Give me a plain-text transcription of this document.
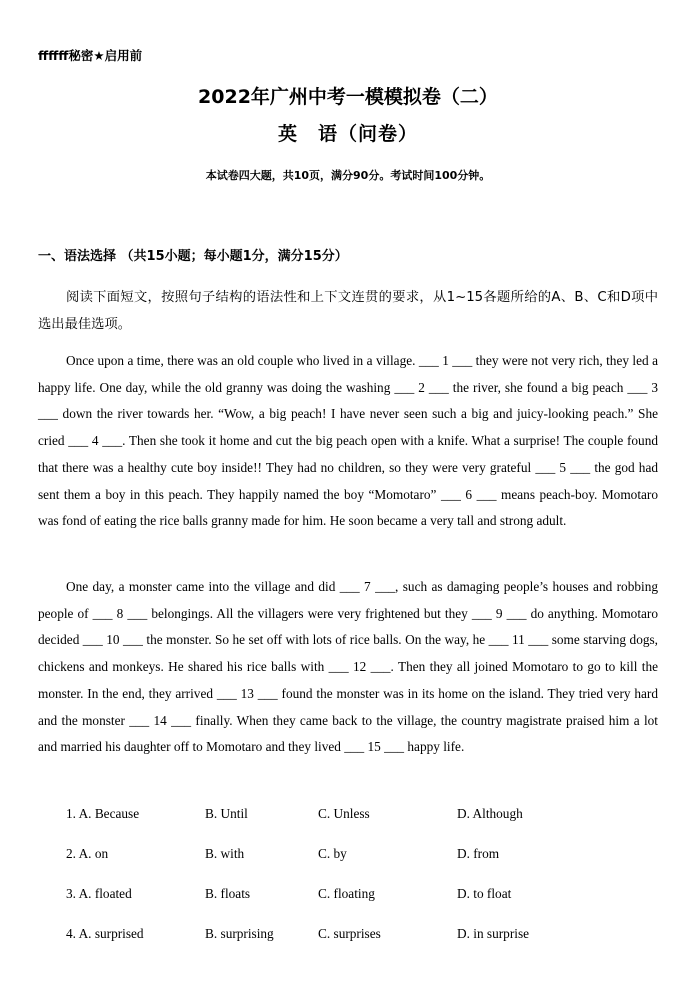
ffffff秘密★启用前
2022年广州中考一模模拟卷（二）
英　语（问卷）
本试卷四大题，共10页，满分90分。考试时间100分钟。
一、语法选择 （共15小题；每小题1分，满分15分）
阅读下面短文，按照句子结构的语法性和上下文连贯的要求，从1~15各题所给的A、B、C和D项中选出最佳选项。
Once upon a time, there was an old couple who lived in a village. ___ 1 ___ they were not very rich, they led a happy life. One day, while the old granny was doing the washing ___ 2 ___ the river, she found a big peach ___ 3 ___ down the river towards her. “Wow, a big peach! I have never seen such a big and juicy-looking peach.” She cried ___ 4 ___. Then she took it home and cut the big peach open with a knife. What a surprise! The couple found that there was a healthy cute boy inside!! They had no children, so they were very grateful ___ 5 ___ the god had sent them a boy in this peach. They happily named the boy “Momotaro” ___ 6 ___ means peach-boy. Momotaro was fond of eating the rice balls granny made for him. He soon became a very tall and strong adult.
One day, a monster came into the village and did ___ 7 ___, such as damaging people’s houses and robbing people of ___ 8 ___ belongings. All the villagers were very frightened but they ___ 9 ___ do anything. Momotaro decided ___ 10 ___ the monster. So he set off with lots of rice balls. On the way, he ___ 11 ___ some starving dogs, chickens and monkeys. He shared his rice balls with ___ 12 ___. Then they all joined Momotaro to go to kill the monster. In the end, they arrived ___ 13 ___ found the monster was in its home on the island. They tried very hard and the monster ___ 14 ___ finally. When they came back to the village, the country magistrate praised him a lot and married his daughter off to Momotaro and they lived ___ 15 ___ happy life.
1. A. Because	B. Until	C. Unless	D. Although
2. A. on	B. with	C. by	D. from
3. A. floated	B. floats	C. floating	D. to float
4. A. surprised	B. surprising	C. surprises	D. in surprise
